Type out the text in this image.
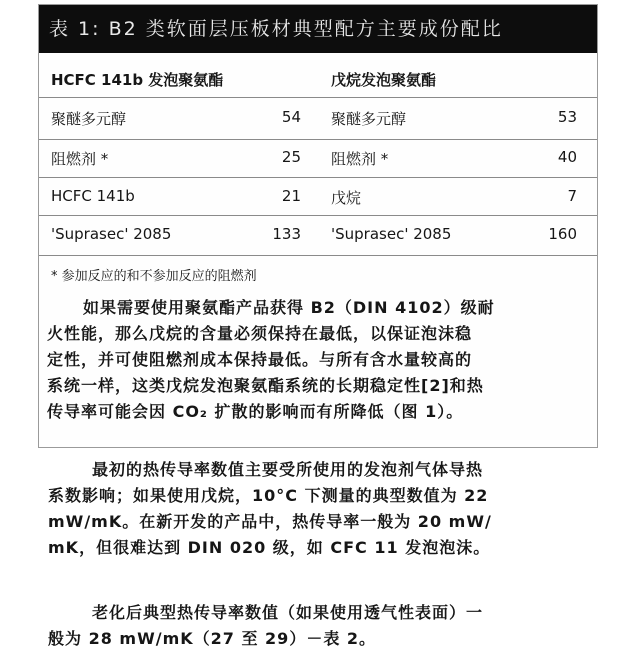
表 1: B2 类软面层压板材典型配方主要成份配比
HCFC 141b 发泡聚氨酯	戊烷发泡聚氨酯
聚醚多元醇	54 聚醚多元醇	53
阻燃剂 *	25 阻燃剂 *	40
HCFC 141b	21 戊烷	7
'Suprasec' 2085	133 'Suprasec' 2085	160
* 参加反应的和不参加反应的阻燃剂
如果需要使用聚氨酯产品获得 B2（DIN 4102）级耐
火性能，那么戊烷的含量必须保持在最低，以保证泡沫稳
定性，并可使阻燃剂成本保持最低。与所有含水量较高的
系统一样，这类戊烷发泡聚氨酯系统的长期稳定性[2]和热
传导率可能会因 CO₂ 扩散的影响而有所降低（图 1）。
最初的热传导率数值主要受所使用的发泡剂气体导热
系数影响；如果使用戊烷，10°C 下测量的典型数值为 22
mW/mK。在新开发的产品中，热传导率一般为 20 mW/
mK，但很难达到 DIN 020 级，如 CFC 11 发泡泡沫。
老化后典型热传导率数值（如果使用透气性表面）一
般为 28 mW/mK（27 至 29）－表 2。
